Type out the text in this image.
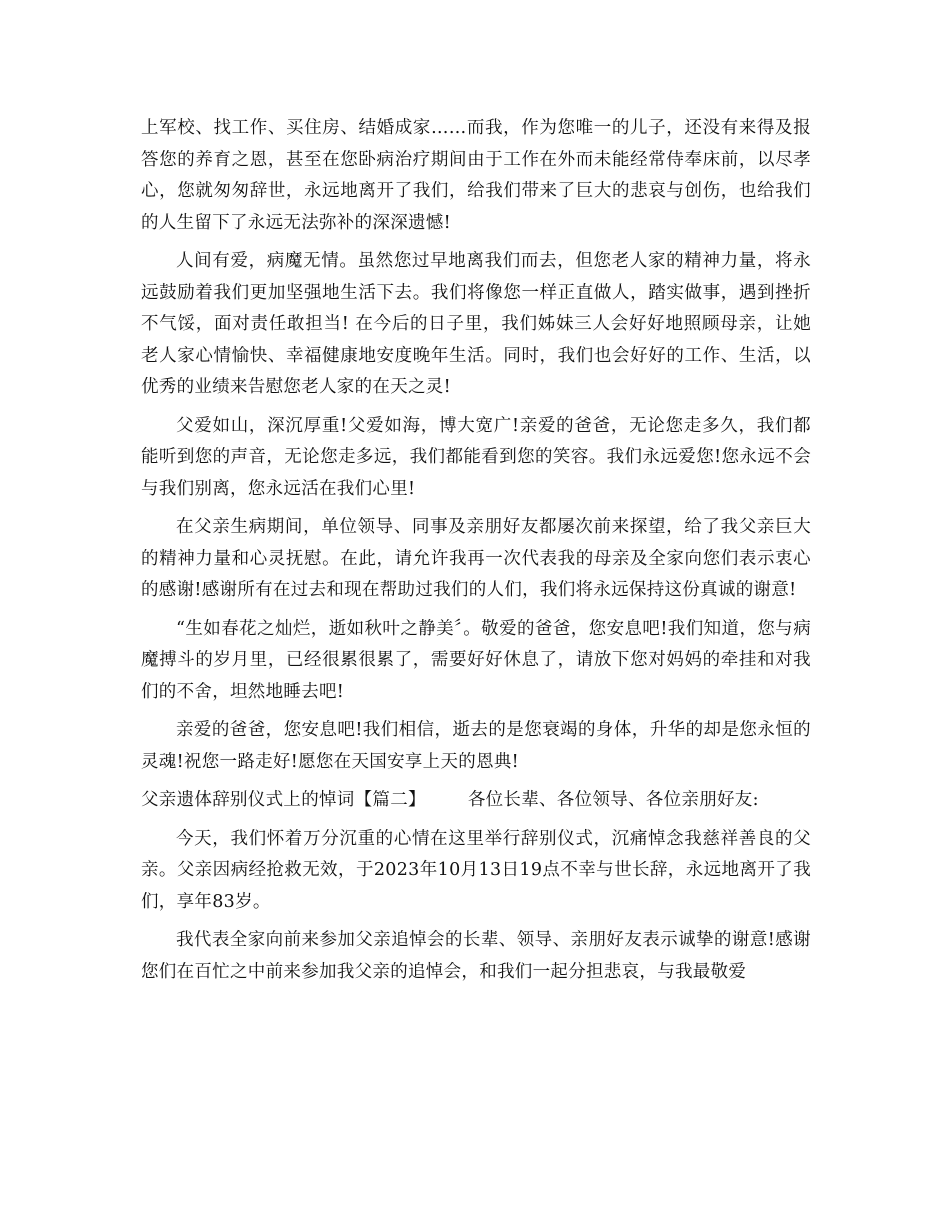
上军校、找工作、买住房、结婚成家……而我，作为您唯一的儿子，还没有来得及报答您的养育之恩，甚至在您卧病治疗期间由于工作在外而未能经常侍奉床前，以尽孝心，您就匆匆辞世，永远地离开了我们，给我们带来了巨大的悲哀与创伤，也给我们的人生留下了永远无法弥补的深深遗憾!

人间有爱，病魔无情。虽然您过早地离我们而去，但您老人家的精神力量，将永远鼓励着我们更加坚强地生活下去。我们将像您一样正直做人，踏实做事，遇到挫折不气馁，面对责任敢担当! 在今后的日子里，我们姊妹三人会好好地照顾母亲，让她老人家心情愉快、幸福健康地安度晚年生活。同时，我们也会好好的工作、生活，以优秀的业绩来告慰您老人家的在天之灵!

父爱如山，深沉厚重!父爱如海，博大宽广!亲爱的爸爸，无论您走多久，我们都能听到您的声音，无论您走多远，我们都能看到您的笑容。我们永远爱您!您永远不会与我们别离，您永远活在我们心里!

在父亲生病期间，单位领导、同事及亲朋好友都屡次前来探望，给了我父亲巨大的精神力量和心灵抚慰。在此，请允许我再一次代表我的母亲及全家向您们表示衷心的感谢!感谢所有在过去和现在帮助过我们的人们，我们将永远保持这份真诚的谢意!

“生如春花之灿烂，逝如秋叶之静美〞。敬爱的爸爸，您安息吧!我们知道，您与病魔搏斗的岁月里，已经很累很累了，需要好好休息了，请放下您对妈妈的牵挂和对我们的不舍，坦然地睡去吧!

亲爱的爸爸，您安息吧!我们相信，逝去的是您衰竭的身体，升华的却是您永恒的灵魂!祝您一路走好!愿您在天国安享上天的恩典!

父亲遗体辞别仪式上的悼词【篇二】 各位长辈、各位领导、各位亲朋好友:

今天，我们怀着万分沉重的心情在这里举行辞别仪式，沉痛悼念我慈祥善良的父亲。父亲因病经抢救无效，于2023年10月13日19点不幸与世长辞，永远地离开了我们，享年83岁。

我代表全家向前来参加父亲追悼会的长辈、领导、亲朋好友表示诚挚的谢意!感谢您们在百忙之中前来参加我父亲的追悼会，和我们一起分担悲哀，与我最敬爱
